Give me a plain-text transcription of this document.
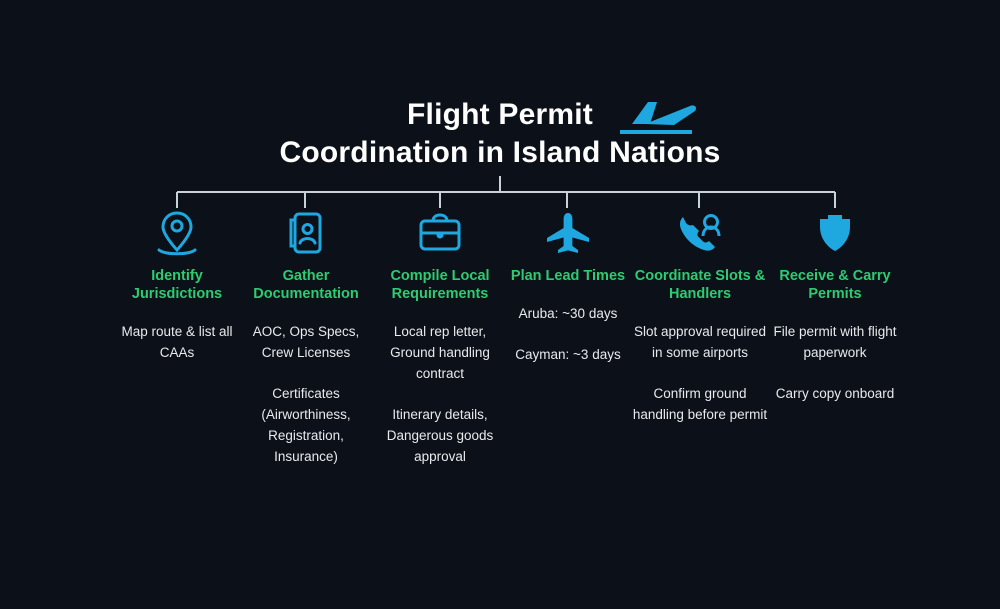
Flight Permit
Coordination in Island Nations
Identify Jurisdictions
Map route & list all CAAs
Gather Documentation
AOC, Ops Specs, Crew Licenses
Certificates (Airworthiness, Registration, Insurance)
Compile Local Requirements
Local rep letter, Ground handling contract
Itinerary details, Dangerous goods approval
Plan Lead Times
Aruba: ~30 days
Cayman: ~3 days
Coordinate Slots & Handlers
Slot approval required in some airports
Confirm ground handling before permit
Receive & Carry Permits
File permit with flight paperwork
Carry copy onboard
